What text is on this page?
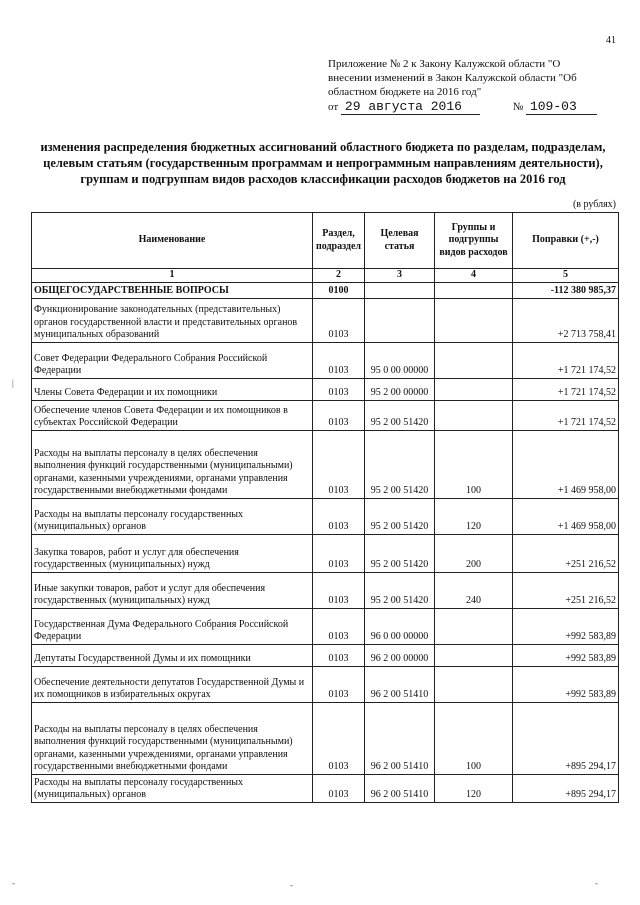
41
Приложение № 2 к Закону Калужской области "О
внесении изменений в Закон Калужской области "Об
областном бюджете на 2016 год"
от 29 августа 2016	№ 109-03
изменения распределения бюджетных ассигнований областного бюджета по разделам, подразделам, целевым статьям (государственным программам и непрограммным направлениям деятельности), группам и подгруппам видов расходов классификации расходов бюджетов на 2016 год
(в рублях)
Наименование	Раздел, подраздел	Целевая статья	Группы и подгруппы видов расходов	Поправки (+,-)
1	2	3	4	5
ОБЩЕГОСУДАРСТВЕННЫЕ ВОПРОСЫ	0100			-112 380 985,37
Функционирование законодательных (представительных) органов государственной власти и представительных органов муниципальных образований	0103			+2 713 758,41
Совет Федерации Федерального Собрания Российской Федерации	0103	95 0 00 00000		+1 721 174,52
Члены Совета Федерации и их помощники	0103	95 2 00 00000		+1 721 174,52
Обеспечение членов Совета Федерации и их помощников в субъектах Российской Федерации	0103	95 2 00 51420		+1 721 174,52
Расходы на выплаты персоналу в целях обеспечения выполнения функций государственными (муниципальными) органами, казенными учреждениями, органами управления государственными внебюджетными фондами	0103	95 2 00 51420	100	+1 469 958,00
Расходы на выплаты персоналу государственных (муниципальных) органов	0103	95 2 00 51420	120	+1 469 958,00
Закупка товаров, работ и услуг для обеспечения государственных (муниципальных) нужд	0103	95 2 00 51420	200	+251 216,52
Иные закупки товаров, работ и услуг для обеспечения государственных (муниципальных) нужд	0103	95 2 00 51420	240	+251 216,52
Государственная Дума Федерального Собрания Российской Федерации	0103	96 0 00 00000		+992 583,89
Депутаты Государственной Думы и их помощники	0103	96 2 00 00000		+992 583,89
Обеспечение деятельности депутатов Государственной Думы и их помощников в избирательных округах	0103	96 2 00 51410		+992 583,89
Расходы на выплаты персоналу в целях обеспечения выполнения функций государственными (муниципальными) органами, казенными учреждениями, органами управления государственными внебюджетными фондами	0103	96 2 00 51410	100	+895 294,17
Расходы на выплаты персоналу государственных (муниципальных) органов	0103	96 2 00 51410	120	+895 294,17
|
-	-	-
